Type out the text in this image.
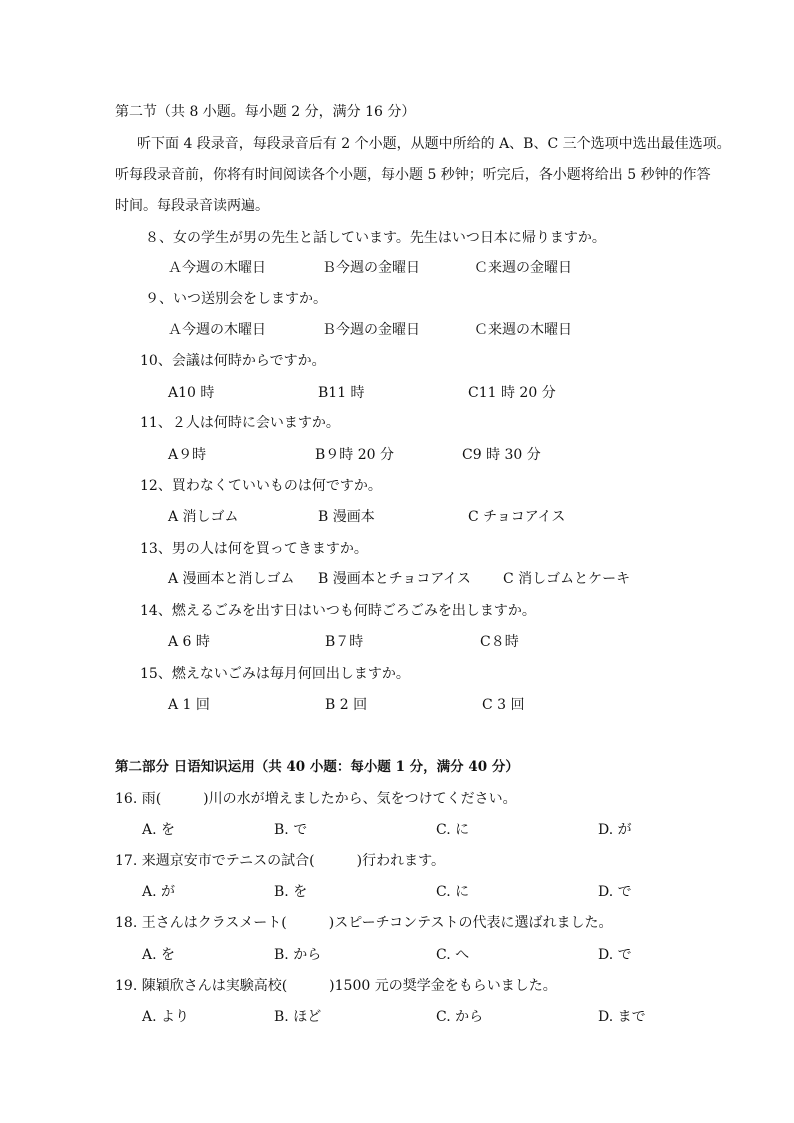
第二节（共 8 小题。每小题 2 分，满分 16 分）
听下面 4 段录音，每段录音后有 2 个小题，从题中所给的 A、B、C 三个选项中选出最佳选项。
听每段录音前，你将有时间阅读各个小题，每小题 5 秒钟；听完后，各小题将给出 5 秒钟的作答
时间。每段录音读两遍。
８、女の学生が男の先生と話しています。先生はいつ日本に帰りますか。
Ａ今週の木曜日	Ｂ今週の金曜日	Ｃ来週の金曜日
９、いつ送別会をしますか。
Ａ今週の木曜日	Ｂ今週の金曜日	Ｃ来週の木曜日
10、会議は何時からですか。
A10 時	B11 時	C11 時 20 分
11、２人は何時に会いますか。
A９時	B９時 20 分	C9 時 30 分
12、買わなくていいものは何ですか。
A 消しゴム	B 漫画本	C チョコアイス
13、男の人は何を買ってきますか。
A 漫画本と消しゴム B 漫画本とチョコアイス C 消しゴムとケーキ
14、燃えるごみを出す日はいつも何時ごろごみを出しますか。
A 6 時	B７時	C８時
15、燃えないごみは毎月何回出しますか。
A 1 回	B 2 回	C 3 回
第二部分 日语知识运用（共 40 小题：每小题 1 分，满分 40 分）
16. 雨(　　　)川の水が増えましたから、気をつけてください。
A. を	B. で	C. に	D. が
17. 来週京安市でテニスの試合(　　　)行われます。
A. が	B. を	C. に	D. で
18. 王さんはクラスメート(　　　)スピーチコンテストの代表に選ばれました。
A. を	B. から	C. へ	D. で
19. 陳穎欣さんは実験高校(　　　)1500 元の奨学金をもらいました。
A. より	B. ほど	C. から	D. まで
